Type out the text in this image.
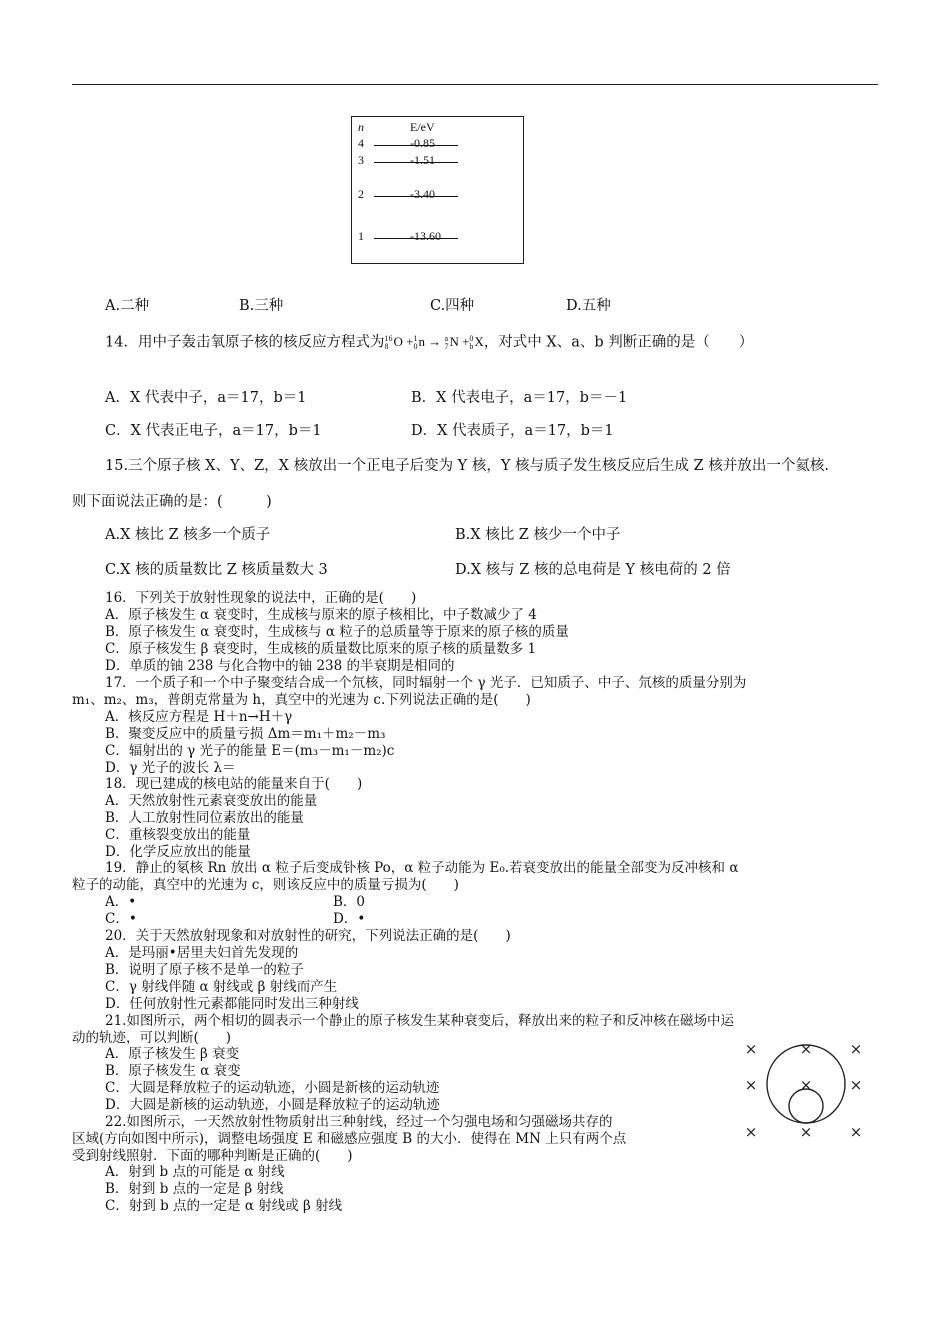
n	E/eV
4	-0.85
3	-1.51
2	-3.40
1	-13.60
A.二种	B.三种	C.四种	D.五种
14．用中子轰击氧原子核的核反应方程式为 16
8 O + 1
0 n → a
7 N + 0
b X，对式中 X、a、b 判断正确的是（　　）
A．X 代表中子，a＝17，b＝1	B．X 代表电子，a＝17，b＝－1
C．X 代表正电子，a＝17，b＝1	D．X 代表质子，a＝17，b＝1
15.三个原子核 X、Y、Z，X 核放出一个正电子后变为 Y 核，Y 核与质子发生核反应后生成 Z 核并放出一个氦核.
则下面说法正确的是：(　　　)
A.X 核比 Z 核多一个质子	B.X 核比 Z 核少一个中子
C.X 核的质量数比 Z 核质量数大 3	D.X 核与 Z 核的总电荷是 Y 核电荷的 2 倍
16．下列关于放射性现象的说法中，正确的是(　　)
A．原子核发生 α 衰变时，生成核与原来的原子核相比，中子数减少了 4
B．原子核发生 α 衰变时，生成核与 α 粒子的总质量等于原来的原子核的质量
C．原子核发生 β 衰变时，生成核的质量数比原来的原子核的质量数多 1
D．单质的铀 238 与化合物中的铀 238 的半衰期是相同的
17．一个质子和一个中子聚变结合成一个氘核，同时辐射一个 γ 光子．已知质子、中子、氘核的质量分别为
m₁、m₂、m₃，普朗克常量为 h，真空中的光速为 c.下列说法正确的是(　　)
A．核反应方程是 H＋n→H＋γ
B．聚变反应中的质量亏损 Δm＝m₁＋m₂－m₃
C．辐射出的 γ 光子的能量 E＝(m₃－m₁－m₂)c
D．γ 光子的波长 λ＝
18．现已建成的核电站的能量来自于(　　)
A．天然放射性元素衰变放出的能量
B．人工放射性同位素放出的能量
C．重核裂变放出的能量
D．化学反应放出的能量
19．静止的氡核 Rn 放出 α 粒子后变成钋核 Po，α 粒子动能为 E₀.若衰变放出的能量全部变为反冲核和 α
粒子的动能，真空中的光速为 c，则该反应中的质量亏损为(　　)
A．•	B．0
C．•	D．•
20．关于天然放射现象和对放射性的研究，下列说法正确的是(　　)
A．是玛丽•居里夫妇首先发现的
B．说明了原子核不是单一的粒子
C．γ 射线伴随 α 射线或 β 射线而产生
D．任何放射性元素都能同时发出三种射线
21.如图所示，两个相切的圆表示一个静止的原子核发生某种衰变后，释放出来的粒子和反冲核在磁场中运
动的轨迹，可以判断(　　)
A．原子核发生 β 衰变
B．原子核发生 α 衰变
C．大圆是释放粒子的运动轨迹，小圆是新核的运动轨迹
D．大圆是新核的运动轨迹，小圆是释放粒子的运动轨迹
×	× ×
×	× ×
×	× ×
22.如图所示，一天然放射性物质射出三种射线，经过一个匀强电场和匀强磁场共存的
区域(方向如图中所示)，调整电场强度 E 和磁感应强度 B 的大小．使得在 MN 上只有两个点
受到射线照射．下面的哪种判断是正确的(　　)
A．射到 b 点的可能是 α 射线
B．射到 b 点的一定是 β 射线
C．射到 b 点的一定是 α 射线或 β 射线
